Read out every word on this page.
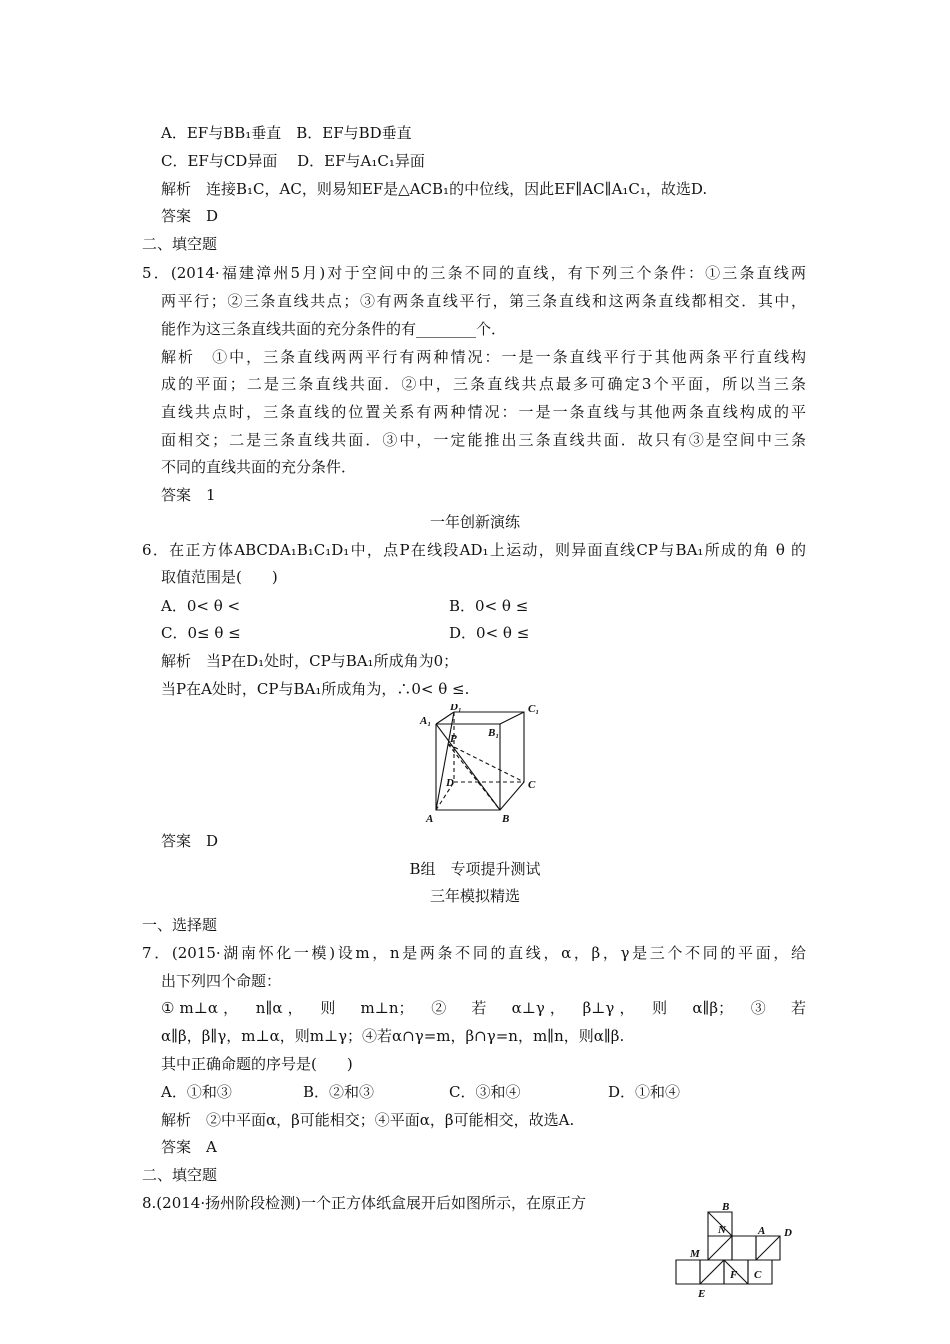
A．EF与BB₁垂直　B．EF与BD垂直
C．EF与CD异面　 D．EF与A₁C₁异面
解析　连接B₁C，AC，则易知EF是△ACB₁的中位线，因此EF∥AC∥A₁C₁，故选D.
答案　D
二、填空题
5．(2014·福建漳州5月)对于空间中的三条不同的直线，有下列三个条件：①三条直线两
两平行；②三条直线共点；③有两条直线平行，第三条直线和这两条直线都相交．其中，
能作为这三条直线共面的充分条件的有________个．
解析　①中，三条直线两两平行有两种情况：一是一条直线平行于其他两条平行直线构
成的平面；二是三条直线共面．②中，三条直线共点最多可确定3个平面，所以当三条
直线共点时，三条直线的位置关系有两种情况：一是一条直线与其他两条直线构成的平
面相交；二是三条直线共面．③中，一定能推出三条直线共面．故只有③是空间中三条
不同的直线共面的充分条件．
答案　1
一年创新演练
6．在正方体ABCDA₁B₁C₁D₁中，点P在线段AD₁上运动，则异面直线CP与BA₁所成的角 θ 的
取值范围是(　　)
A．0< θ <	B．0< θ ≤
C．0≤ θ ≤	D．0< θ ≤
解析　当P在D₁处时，CP与BA₁所成角为0；
当P在A处时，CP与BA₁所成角为，∴0< θ ≤.
D₁	C₁
A₁
B₁
P
D	C
A	B
答案　D
B组　专项提升测试
三年模拟精选
一、选择题
7．(2015·湖南怀化一模)设m，n是两条不同的直线，α，β，γ是三个不同的平面，给
出下列四个命题：
①m⊥α，　n∥α，　则　m⊥n；　②　若　α⊥γ，　β⊥γ，　则　α∥β；　③　若
α∥β，β∥γ，m⊥α，则m⊥γ；④若α∩γ=m，β∩γ=n，m∥n，则α∥β.
其中正确命题的序号是(　　)
A．①和③	B．②和③	C．③和④	D．①和④
解析　②中平面α，β可能相交；④平面α，β可能相交，故选A.
答案　A
二、填空题
8.(2014·扬州阶段检测)一个正方体纸盒展开后如图所示，在原正方	B
N	A D
M
F C
E
